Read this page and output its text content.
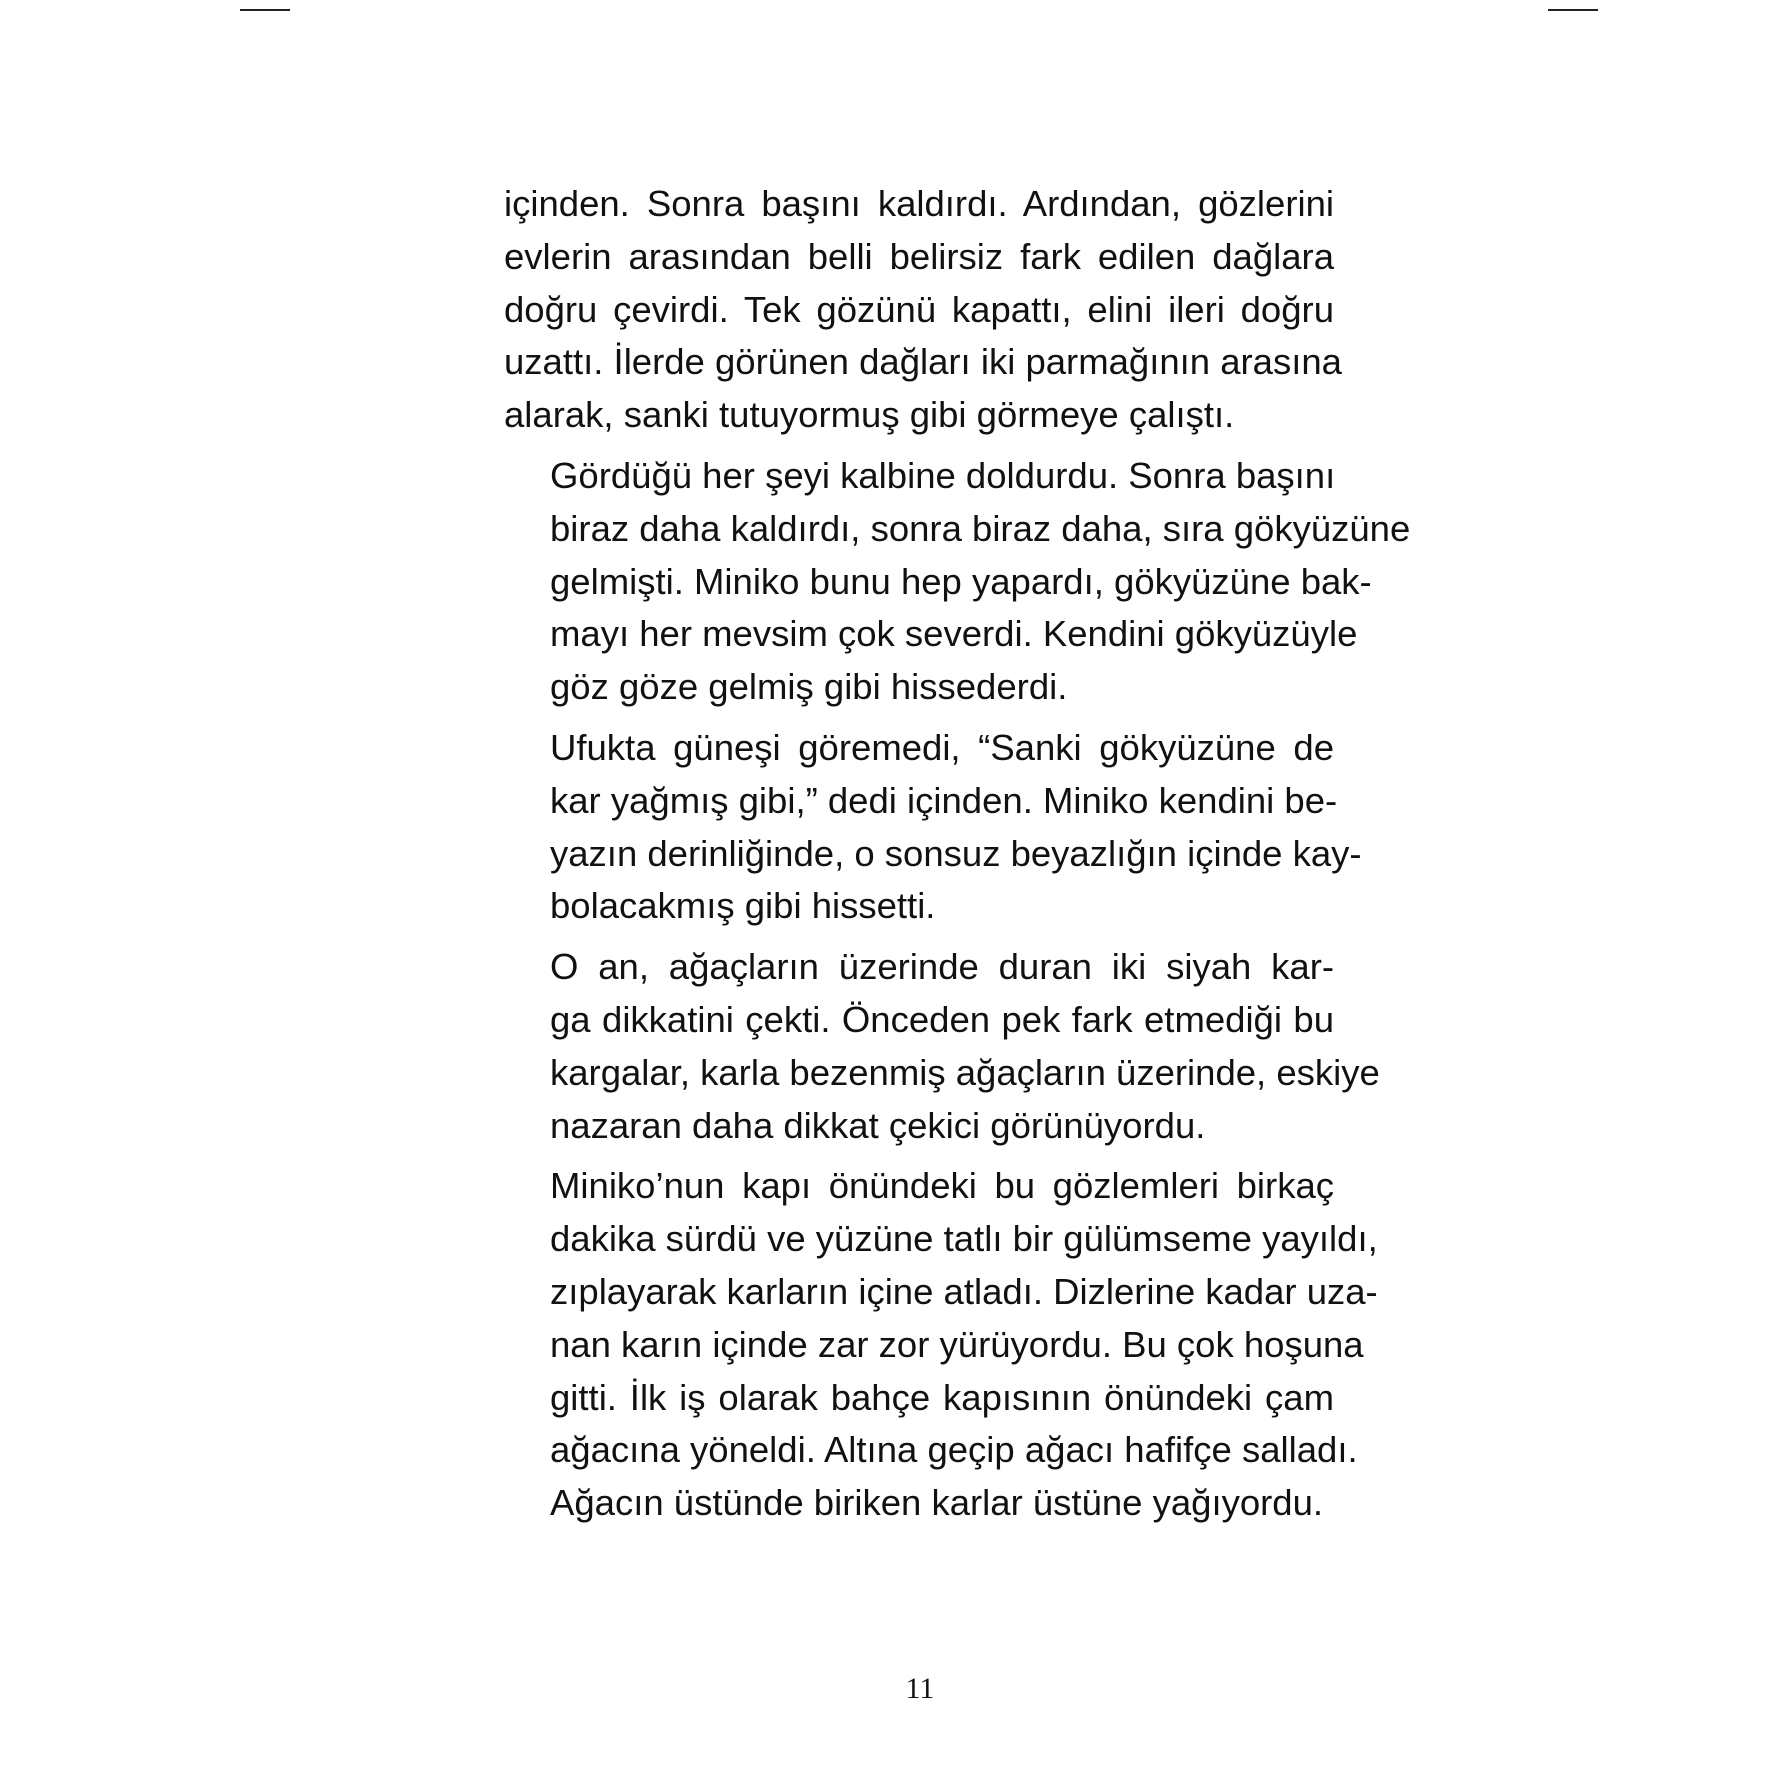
içinden. Sonra başını kaldırdı. Ardından, gözlerini
evlerin arasından belli belirsiz fark edilen dağlara
doğru çevirdi. Tek gözünü kapattı, elini ileri doğru
uzattı. İlerde görünen dağları iki parmağının arasına
alarak, sanki tutuyormuş gibi görmeye çalıştı.

Gördüğü her şeyi kalbine doldurdu. Sonra başını
biraz daha kaldırdı, sonra biraz daha, sıra gökyüzüne
gelmişti. Miniko bunu hep yapardı, gökyüzüne bak-
mayı her mevsim çok severdi. Kendini gökyüzüyle
göz göze gelmiş gibi hissederdi.

Ufukta güneşi göremedi, “Sanki gökyüzüne de
kar yağmış gibi,” dedi içinden. Miniko kendini be-
yazın derinliğinde, o sonsuz beyazlığın içinde kay-
bolacakmış gibi hissetti.

O an, ağaçların üzerinde duran iki siyah kar-
ga dikkatini çekti. Önceden pek fark etmediği bu
kargalar, karla bezenmiş ağaçların üzerinde, eskiye
nazaran daha dikkat çekici görünüyordu.

Miniko’nun kapı önündeki bu gözlemleri birkaç
dakika sürdü ve yüzüne tatlı bir gülümseme yayıldı,
zıplayarak karların içine atladı. Dizlerine kadar uza-
nan karın içinde zar zor yürüyordu. Bu çok hoşuna
gitti. İlk iş olarak bahçe kapısının önündeki çam
ağacına yöneldi. Altına geçip ağacı hafifçe salladı.
Ağacın üstünde biriken karlar üstüne yağıyordu.

11
